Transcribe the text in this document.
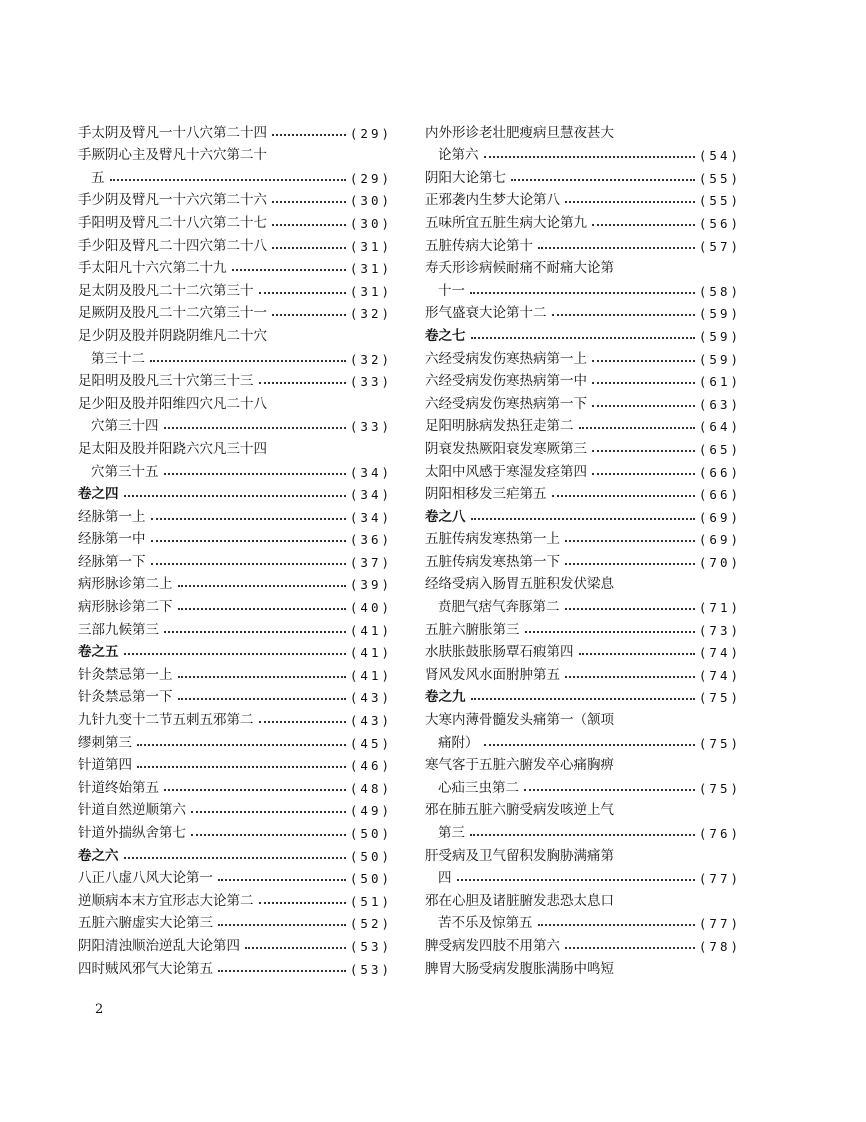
手太阴及臂凡一十八穴第二十四	(29)
手厥阴心主及臂凡十六穴第二十
五	(29)
手少阴及臂凡一十六穴第二十六	(30)
手阳明及臂凡二十八穴第二十七	(30)
手少阳及臂凡二十四穴第二十八	(31)
手太阳凡十六穴第二十九	(31)
足太阴及股凡二十二穴第三十	(31)
足厥阴及股凡二十二穴第三十一	(32)
足少阴及股并阴跷阴维凡二十穴
第三十二	(32)
足阳明及股凡三十穴第三十三	(33)
足少阳及股并阳维四穴凡二十八
穴第三十四	(33)
足太阳及股并阳跷六穴凡三十四
穴第三十五	(34)
卷之四	(34)
经脉第一上	(34)
经脉第一中	(36)
经脉第一下	(37)
病形脉诊第二上	(39)
病形脉诊第二下	(40)
三部九候第三	(41)
卷之五	(41)
针灸禁忌第一上	(41)
针灸禁忌第一下	(43)
九针九变十二节五刺五邪第二	(43)
缪刺第三	(45)
针道第四	(46)
针道终始第五	(48)
针道自然逆顺第六	(49)
针道外揣纵舍第七	(50)
卷之六	(50)
八正八虚八风大论第一	(50)
逆顺病本末方宜形志大论第二	(51)
五脏六腑虚实大论第三	(52)
阴阳清浊顺治逆乱大论第四	(53)
四时贼风邪气大论第五	(53)
内外形诊老壮肥瘦病旦慧夜甚大
论第六	(54)
阴阳大论第七	(55)
正邪袭内生梦大论第八	(55)
五味所宜五脏生病大论第九	(56)
五脏传病大论第十	(57)
寿夭形诊病候耐痛不耐痛大论第
十一	(58)
形气盛衰大论第十二	(59)
卷之七	(59)
六经受病发伤寒热病第一上	(59)
六经受病发伤寒热病第一中	(61)
六经受病发伤寒热病第一下	(63)
足阳明脉病发热狂走第二	(64)
阴衰发热厥阳衰发寒厥第三	(65)
太阳中风感于寒湿发痉第四	(66)
阴阳相移发三疟第五	(66)
卷之八	(69)
五脏传病发寒热第一上	(69)
五脏传病发寒热第一下	(70)
经络受病入肠胃五脏积发伏梁息
贲肥气痞气奔豚第二	(71)
五脏六腑胀第三	(73)
水肤胀鼓胀肠覃石瘕第四	(74)
肾风发风水面胕肿第五	(74)
卷之九	(75)
大寒内薄骨髓发头痛第一（颔项
痛附）	(75)
寒气客于五脏六腑发卒心痛胸痹
心疝三虫第二	(75)
邪在肺五脏六腑受病发咳逆上气
第三	(76)
肝受病及卫气留积发胸胁满痛第
四	(77)
邪在心胆及诸脏腑发悲恐太息口
苦不乐及惊第五	(77)
脾受病发四肢不用第六	(78)
脾胃大肠受病发腹胀满肠中鸣短
2
